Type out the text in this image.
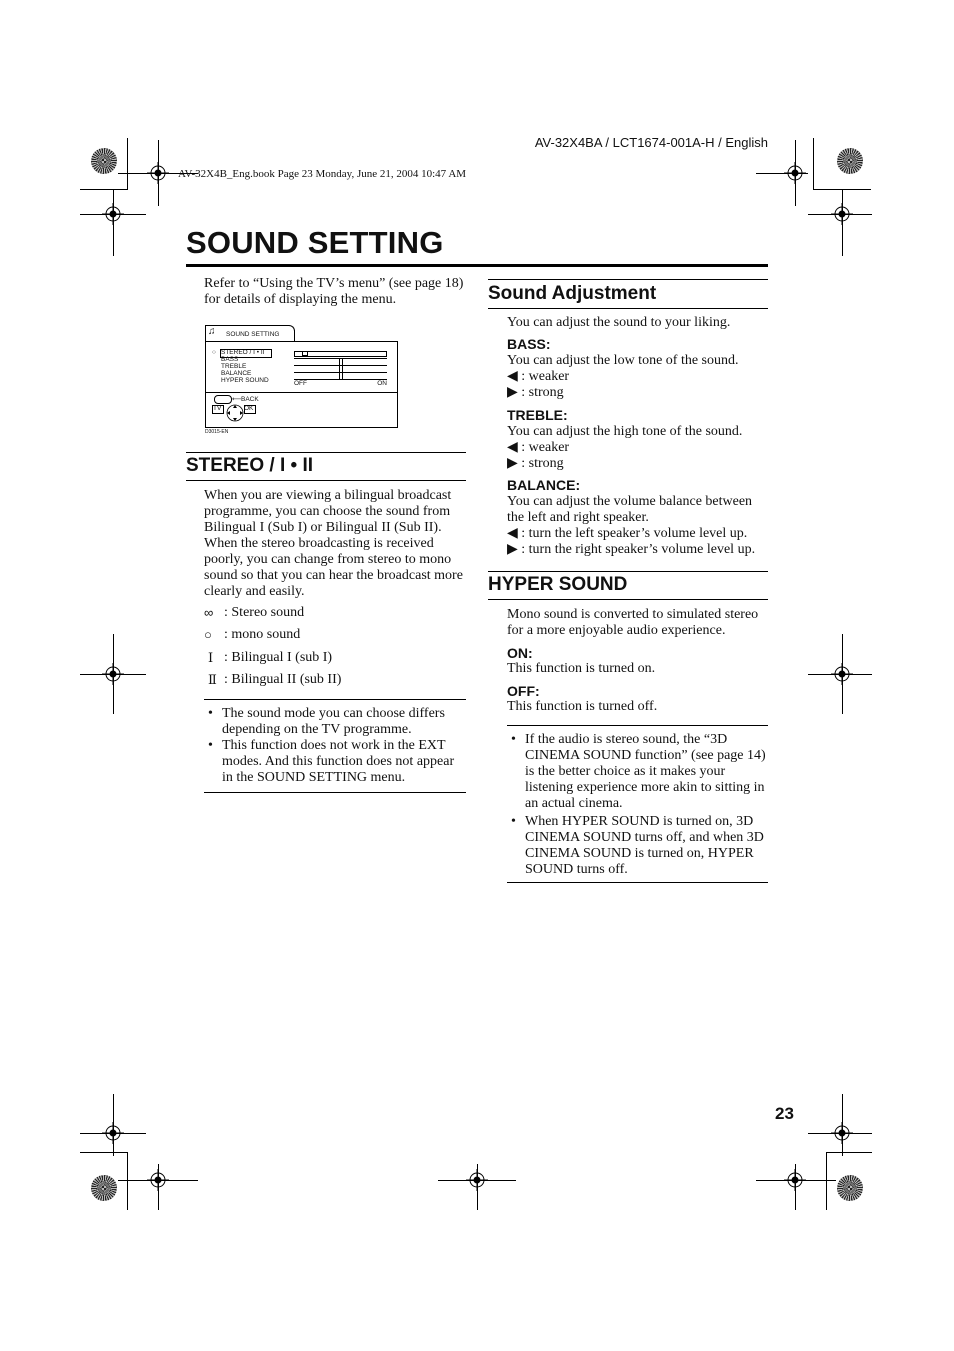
AV-32X4BA / LCT1674-001A-H / English
AV-32X4B_Eng.book Page 23 Monday, June 21, 2004 10:47 AM
SOUND SETTING
Refer to “Using the TV’s menu” (see page 18) for details of displaying the menu.
♫ SOUND SETTING
○ STEREO / I • II
BASS
TREBLE
BALANCE
HYPER SOUND	OFF	ON
⟵ BACK
TV	OK
D3015-EN
STEREO / I • II
When you are viewing a bilingual broadcast programme, you can choose the sound from Bilingual I (Sub I) or Bilingual II (Sub II). When the stereo broadcasting is received poorly, you can change from stereo to mono sound so that you can hear the broadcast more clearly and easily.
∞ : Stereo sound
○ : mono sound
Ⅰ : Bilingual I (sub I)
Ⅱ : Bilingual II (sub II)
• The sound mode you can choose differs depending on the TV programme.
• This function does not work in the EXT modes. And this function does not appear in the SOUND SETTING menu.
Sound Adjustment
You can adjust the sound to your liking.
BASS:
You can adjust the low tone of the sound.
◀ : weaker
▶ : strong
TREBLE:
You can adjust the high tone of the sound.
◀ : weaker
▶ : strong
BALANCE:
You can adjust the volume balance between the left and right speaker.
◀ : turn the left speaker’s volume level up.
▶ : turn the right speaker’s volume level up.
HYPER SOUND
Mono sound is converted to simulated stereo for a more enjoyable audio experience.
ON:
This function is turned on.
OFF:
This function is turned off.
• If the audio is stereo sound, the “3D CINEMA SOUND function” (see page 14) is the better choice as it makes your listening experience more akin to sitting in an actual cinema.
• When HYPER SOUND is turned on, 3D CINEMA SOUND turns off, and when 3D CINEMA SOUND is turned on, HYPER SOUND turns off.
23
